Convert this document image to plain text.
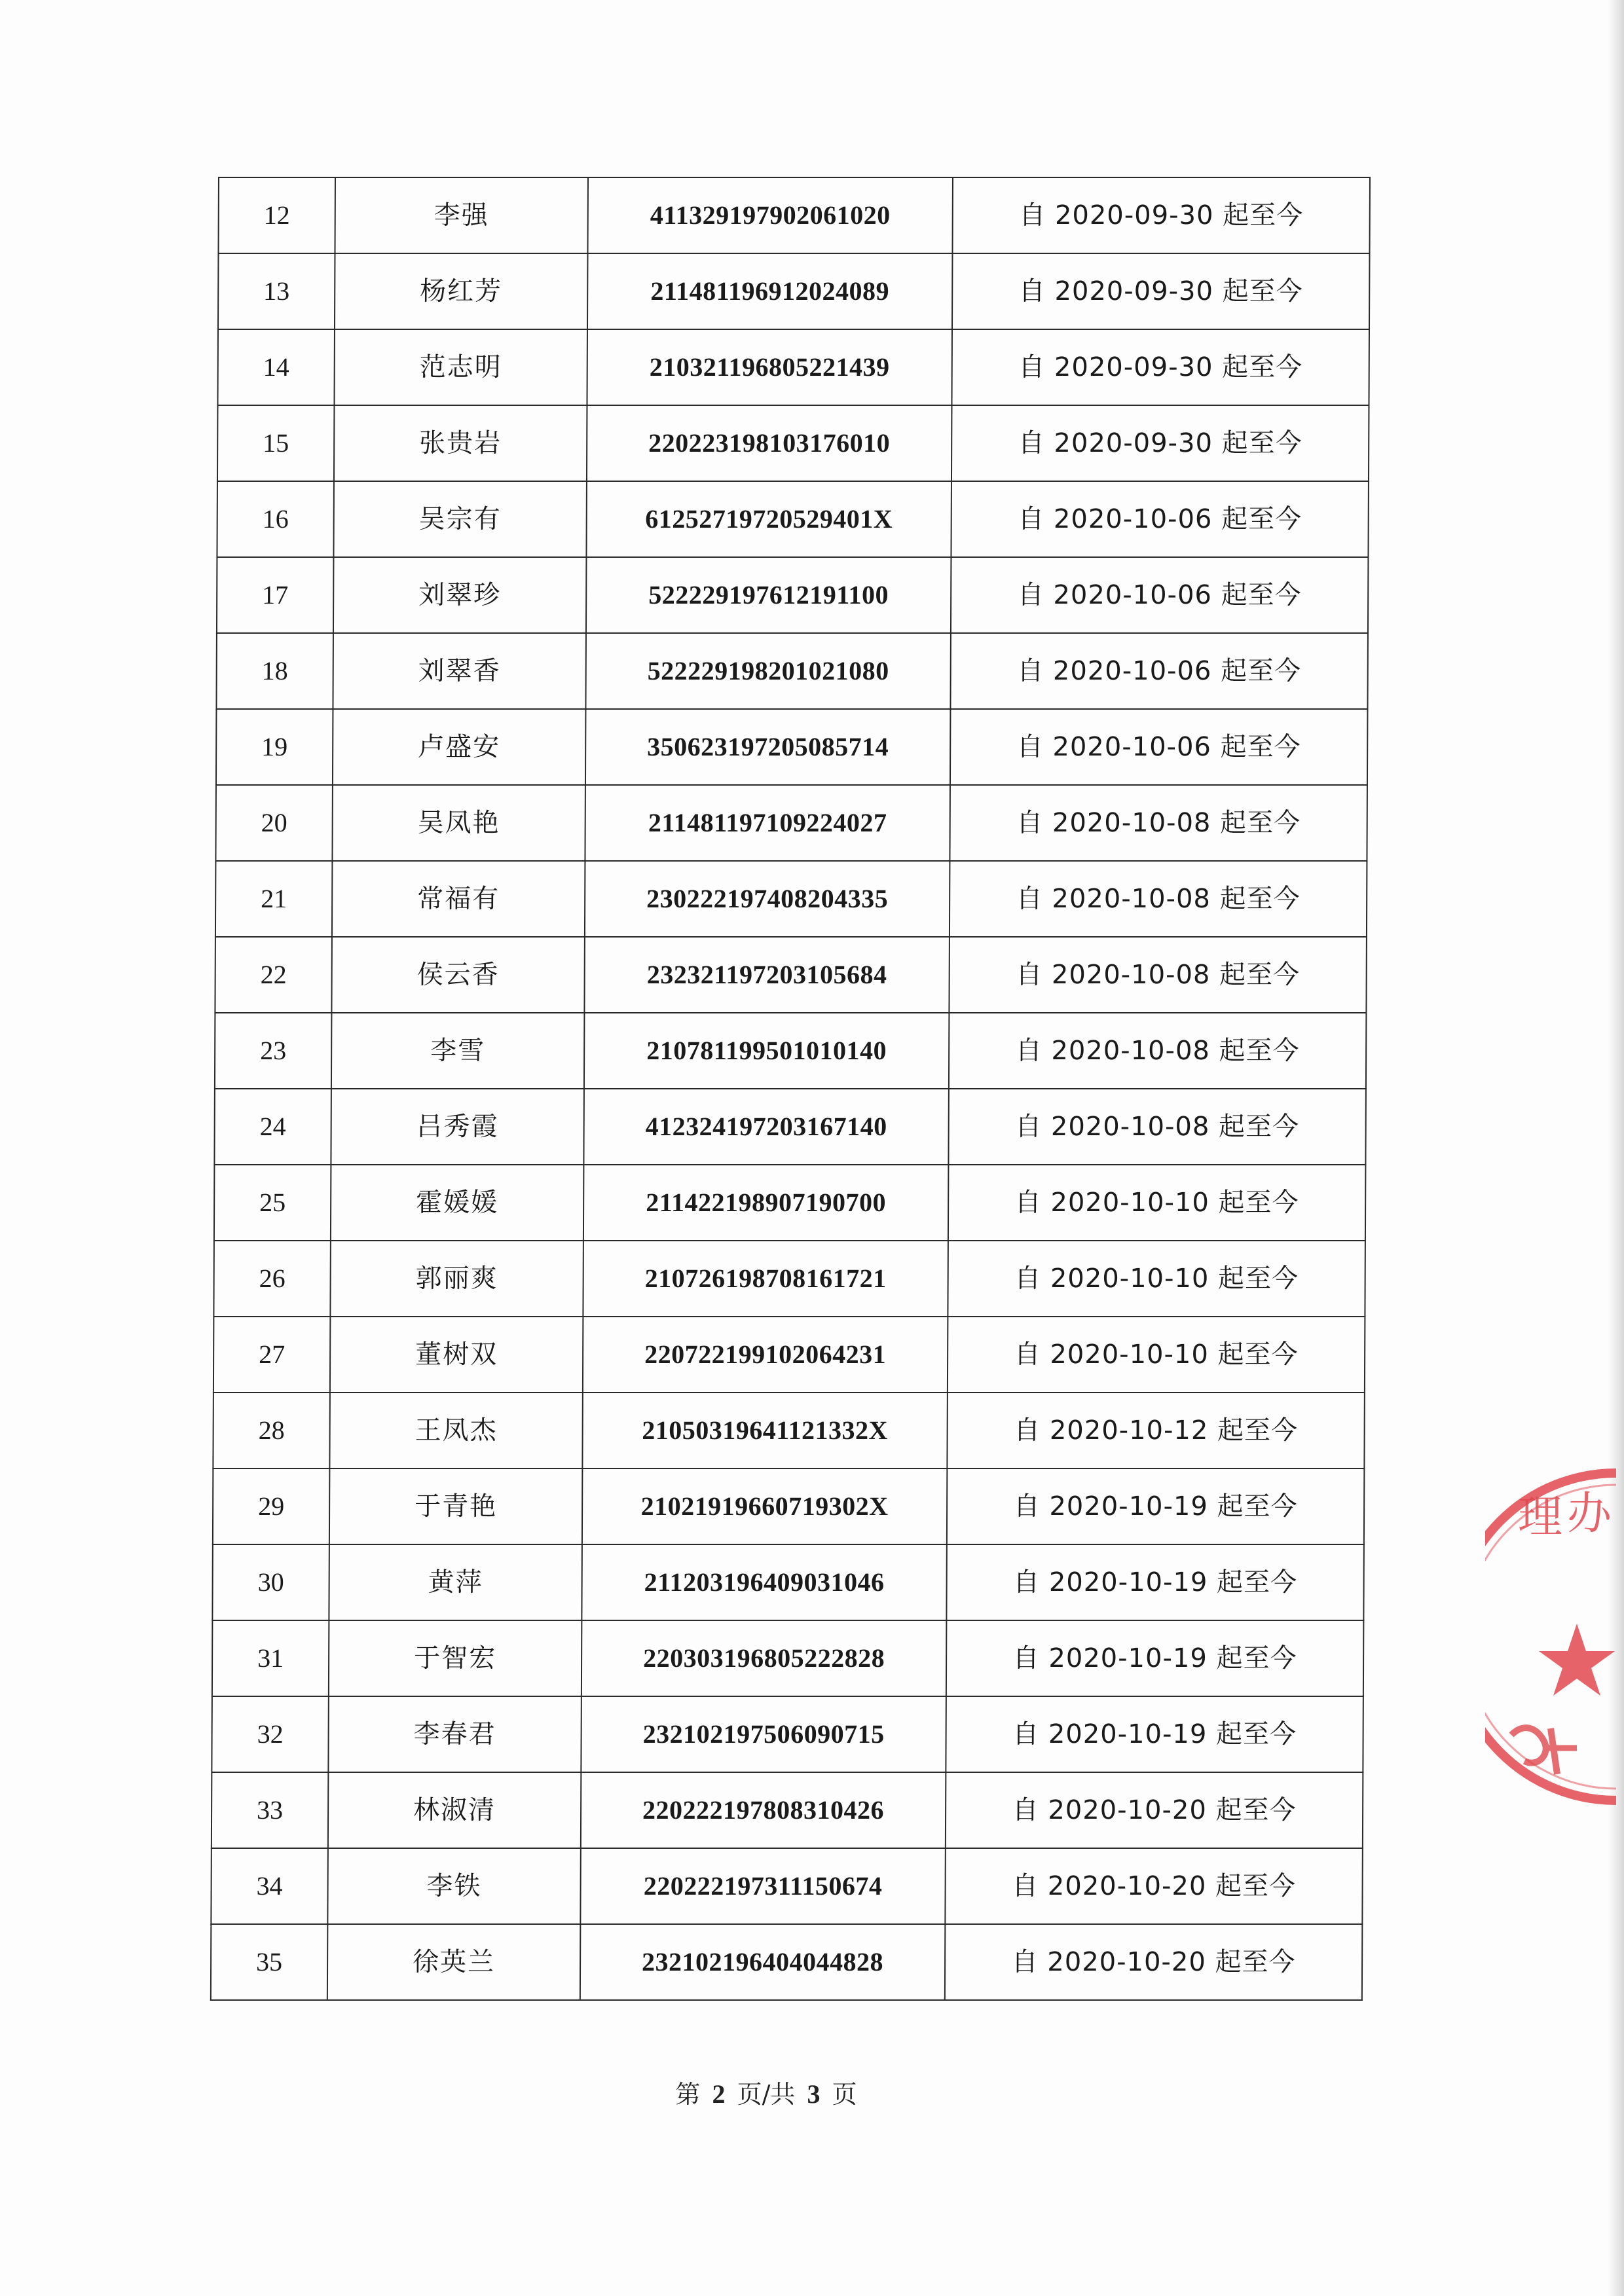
12	李强	411329197902061020	自 2020-09-30 起至今
13	杨红芳	211481196912024089	自 2020-09-30 起至今
14	范志明	210321196805221439	自 2020-09-30 起至今
15	张贵岩	220223198103176010	自 2020-09-30 起至今
16	吴宗有	61252719720529401X	自 2020-10-06 起至今
17	刘翠珍	522229197612191100	自 2020-10-06 起至今
18	刘翠香	522229198201021080	自 2020-10-06 起至今
19	卢盛安	350623197205085714	自 2020-10-06 起至今
20	吴凤艳	211481197109224027	自 2020-10-08 起至今
21	常福有	230222197408204335	自 2020-10-08 起至今
22	侯云香	232321197203105684	自 2020-10-08 起至今
23	李雪	210781199501010140	自 2020-10-08 起至今
24	吕秀霞	412324197203167140	自 2020-10-08 起至今
25	霍媛媛	211422198907190700	自 2020-10-10 起至今
26	郭丽爽	210726198708161721	自 2020-10-10 起至今
27	董树双	220722199102064231	自 2020-10-10 起至今
28	王凤杰	21050319641121332X	自 2020-10-12 起至今
29	于青艳	21021919660719302X	自 2020-10-19 起至今
30	黄萍	211203196409031046	自 2020-10-19 起至今
31	于智宏	220303196805222828	自 2020-10-19 起至今
32	李春君	232102197506090715	自 2020-10-19 起至今
33	林淑清	220222197808310426	自 2020-10-20 起至今
34	李铁	220222197311150674	自 2020-10-20 起至今
35	徐英兰	232102196404044828	自 2020-10-20 起至今
第 2 页/共 3 页
理 办
